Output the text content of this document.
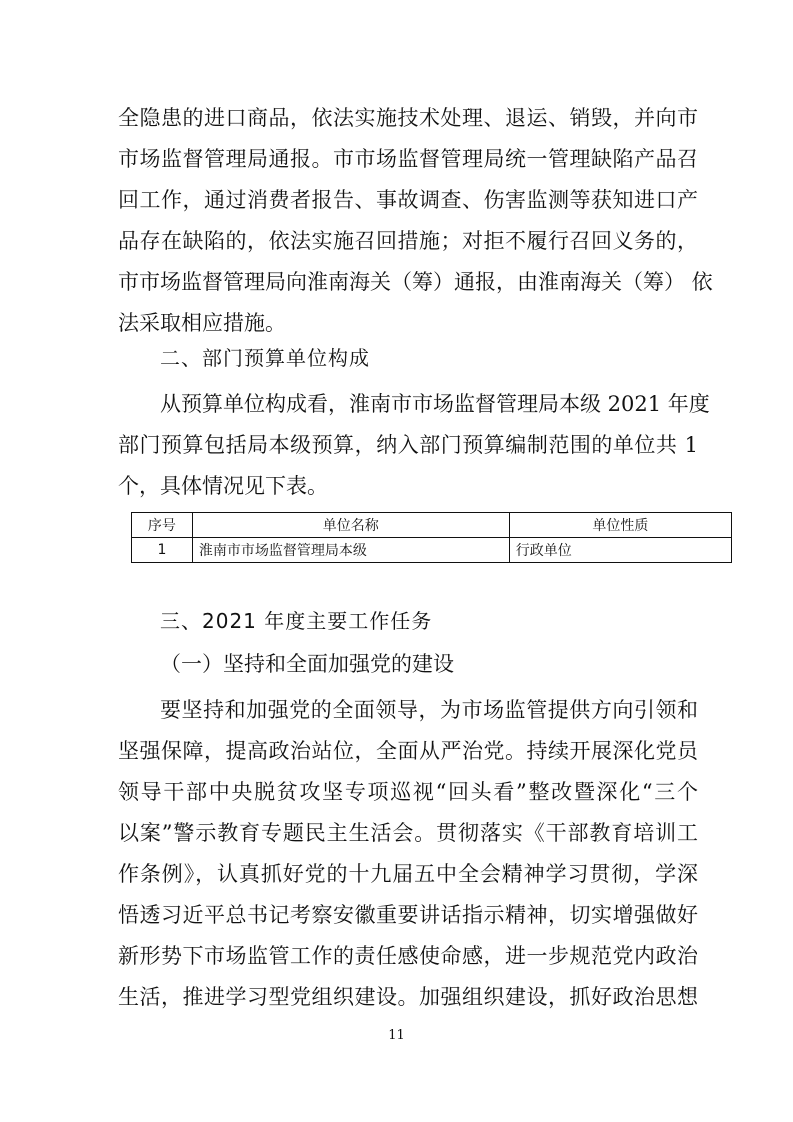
全隐患的进口商品，依法实施技术处理、退运、销毁，并向市
市场监督管理局通报。市市场监督管理局统一管理缺陷产品召
回工作，通过消费者报告、事故调查、伤害监测等获知进口产
品存在缺陷的，依法实施召回措施；对拒不履行召回义务的，
市市场监督管理局向淮南海关（筹）通报，由淮南海关（筹） 依
法采取相应措施。
二、部门预算单位构成
从预算单位构成看，淮南市市场监督管理局本级 2021 年度
部门预算包括局本级预算，纳入部门预算编制范围的单位共 1
个，具体情况见下表。
序号	单位名称	单位性质
1	淮南市市场监督管理局本级	行政单位
三、2021 年度主要工作任务
（一）坚持和全面加强党的建设
要坚持和加强党的全面领导，为市场监管提供方向引领和
坚强保障，提高政治站位，全面从严治党。持续开展深化党员
领导干部中央脱贫攻坚专项巡视“回头看”整改暨深化“三个
以案”警示教育专题民主生活会。贯彻落实《干部教育培训工
作条例》，认真抓好党的十九届五中全会精神学习贯彻，学深
悟透习近平总书记考察安徽重要讲话指示精神，切实增强做好
新形势下市场监管工作的责任感使命感，进一步规范党内政治
生活，推进学习型党组织建设。加强组织建设，抓好政治思想
11
